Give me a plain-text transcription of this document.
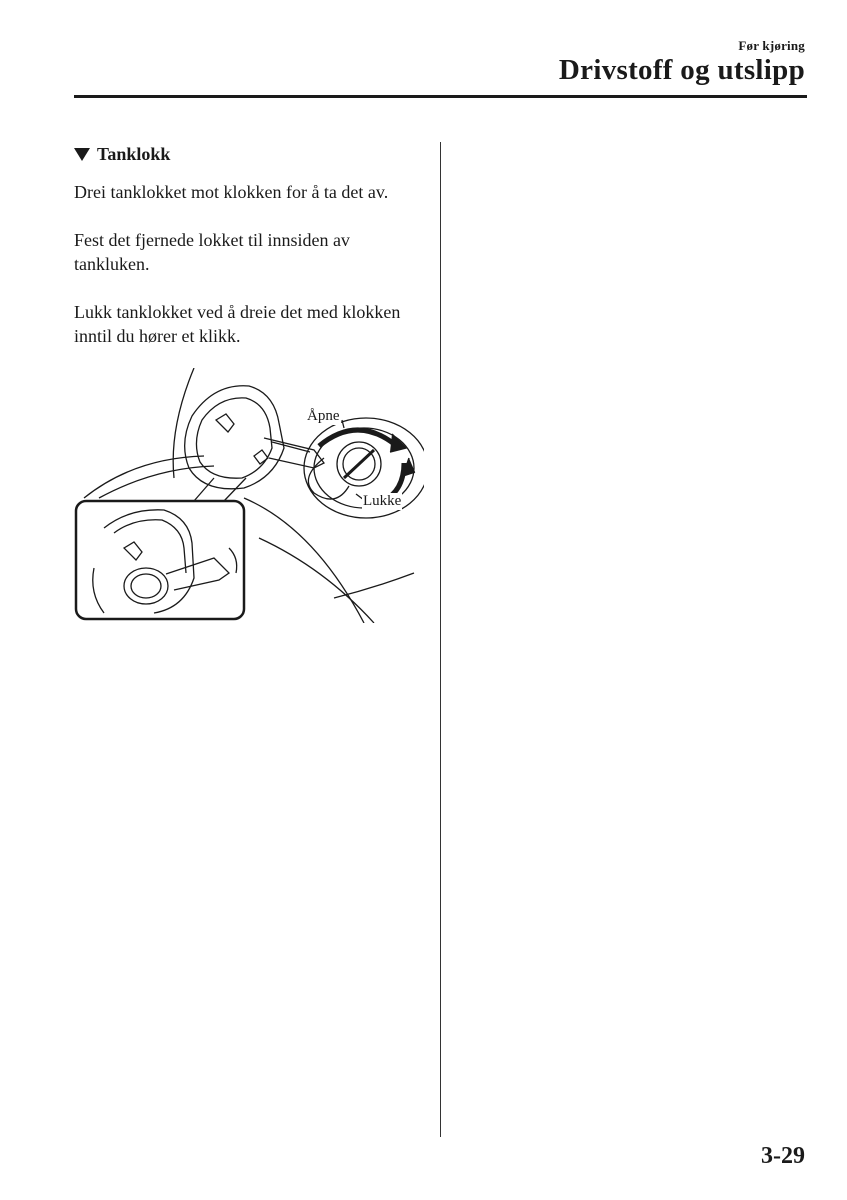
Før kjøring
Drivstoff og utslipp
Tanklokk

Drei tanklokket mot klokken for å ta det av.

Fest det fjernede lokket til innsiden av tankluken.

Lukk tanklokket ved å dreie det med klokken inntil du hører et klikk.

Åpne
Lukke
3-29
